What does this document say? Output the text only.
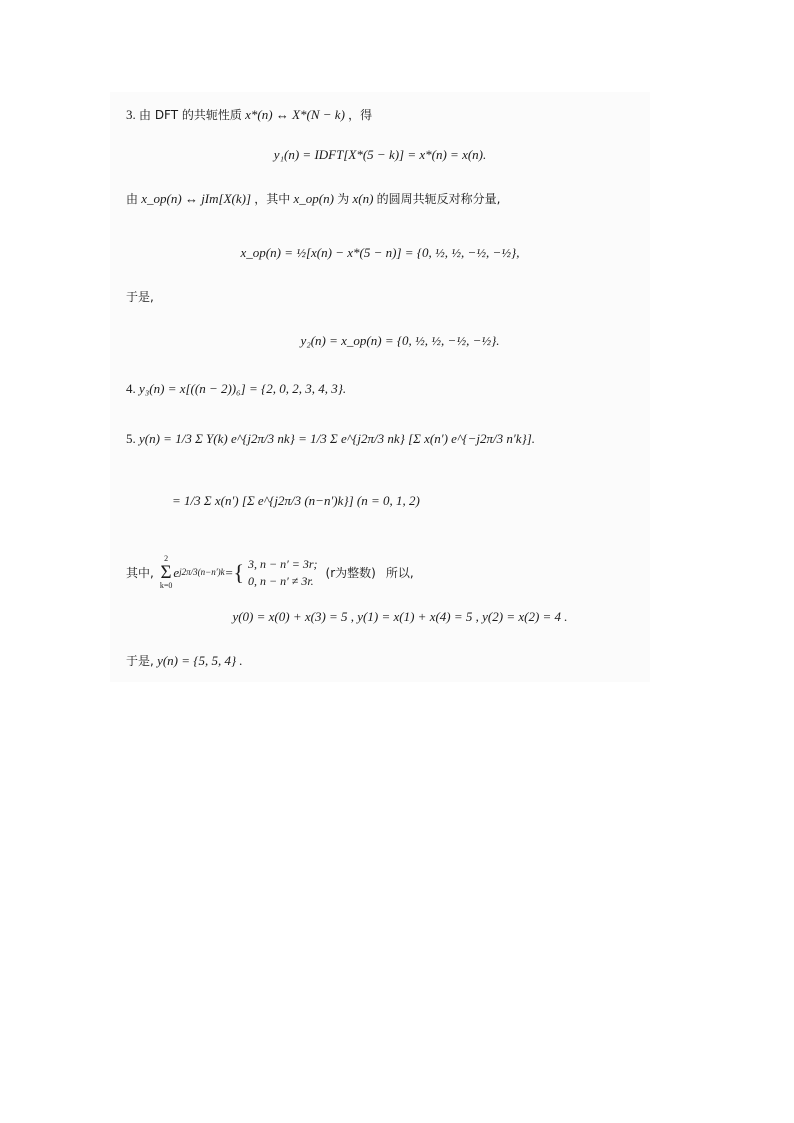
3. 由 DFT 的共轭性质 x*(n) ↔ X*(N − k) ，得
y₁(n) = IDFT[X*(5 − k)] = x*(n) = x(n).
由 x_op(n) ↔ jIm[X(k)] ，其中 x_op(n) 为 x(n) 的圆周共轭反对称分量,
x_op(n) = ½[x(n) − x*(5 − n)] = {0, ½, ½, −½, −½},
于是,
y₂(n) = x_op(n) = {0, ½, ½, −½, −½}.
4. y₃(n) = x[((n − 2))₆] = {2, 0, 2, 3, 4, 3}.
5. y(n) = 1/3 Σ Y(k) e^{j2π/3 nk} = 1/3 Σ e^{j2π/3 nk} [Σ x(n′) e^{−j2π/3 n′k}].
= 1/3 Σ x(n′) [Σ e^{j2π/3 (n−n′)k}] (n = 0, 1, 2)
其中,
2
Σ
k=0
e j2π/3(n−n′)k = { 3, n − n′ = 3r;
0, n − n′ ≠ 3r.
(r为整数) 所以,
y(0) = x(0) + x(3) = 5 , y(1) = x(1) + x(4) = 5 , y(2) = x(2) = 4 .
于是, y(n) = {5, 5, 4} .
